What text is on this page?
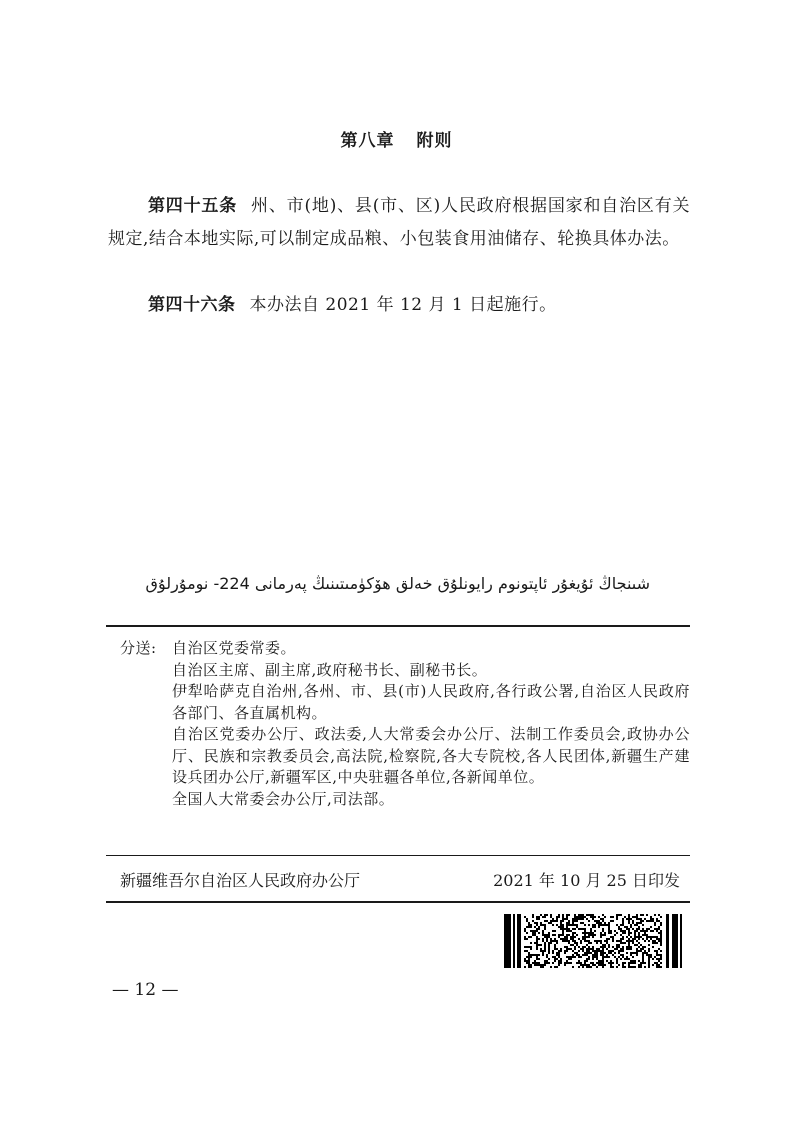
第八章 附则
第四十五条 州、市(地)、县(市、区)人民政府根据国家和自治区有关规定,结合本地实际,可以制定成品粮、小包装食用油储存、轮换具体办法。
第四十六条 本办法自 2021 年 12 月 1 日起施行。
شىنجاڭ ئۇيغۇر ئاپتونوم رايونلۇق خەلق ھۆكۈمىتىنىڭ پەرمانى 224- نومۇرلۇق
分送:	自治区党委常委。

自治区主席、副主席,政府秘书长、副秘书长。

伊犁哈萨克自治州,各州、市、县(市)人民政府,各行政公署,自治区人民政府各部门、各直属机构。

自治区党委办公厅、政法委,人大常委会办公厅、法制工作委员会,政协办公厅、民族和宗教委员会,高法院,检察院,各大专院校,各人民团体,新疆生产建设兵团办公厅,新疆军区,中央驻疆各单位,各新闻单位。

全国人大常委会办公厅,司法部。

新疆维吾尔自治区人民政府办公厅	2021 年 10 月 25 日印发
— 12 —
